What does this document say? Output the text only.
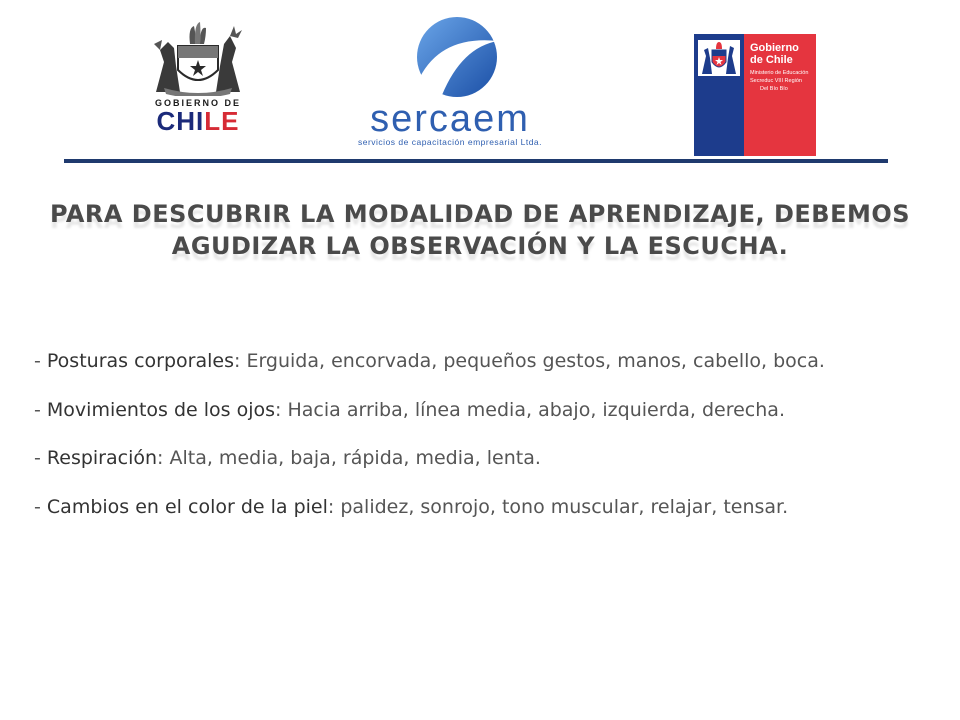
GOBIERNO DE
CHILE	sercaem
servicios de capacitación empresarial Ltda.
Gobierno
de Chile
Ministerio de Educación
Secreduc VIII Región
Del Bío Bío
PARA DESCUBRIR LA MODALIDAD DE APRENDIZAJE, DEBEMOS
AGUDIZAR LA OBSERVACIÓN Y LA ESCUCHA.

- Posturas corporales: Erguida, encorvada, pequeños gestos, manos, cabello, boca.

- Movimientos de los ojos: Hacia arriba, línea media, abajo, izquierda, derecha.

- Respiración: Alta, media, baja, rápida, media, lenta.

- Cambios en el color de la piel: palidez, sonrojo, tono muscular, relajar, tensar.
